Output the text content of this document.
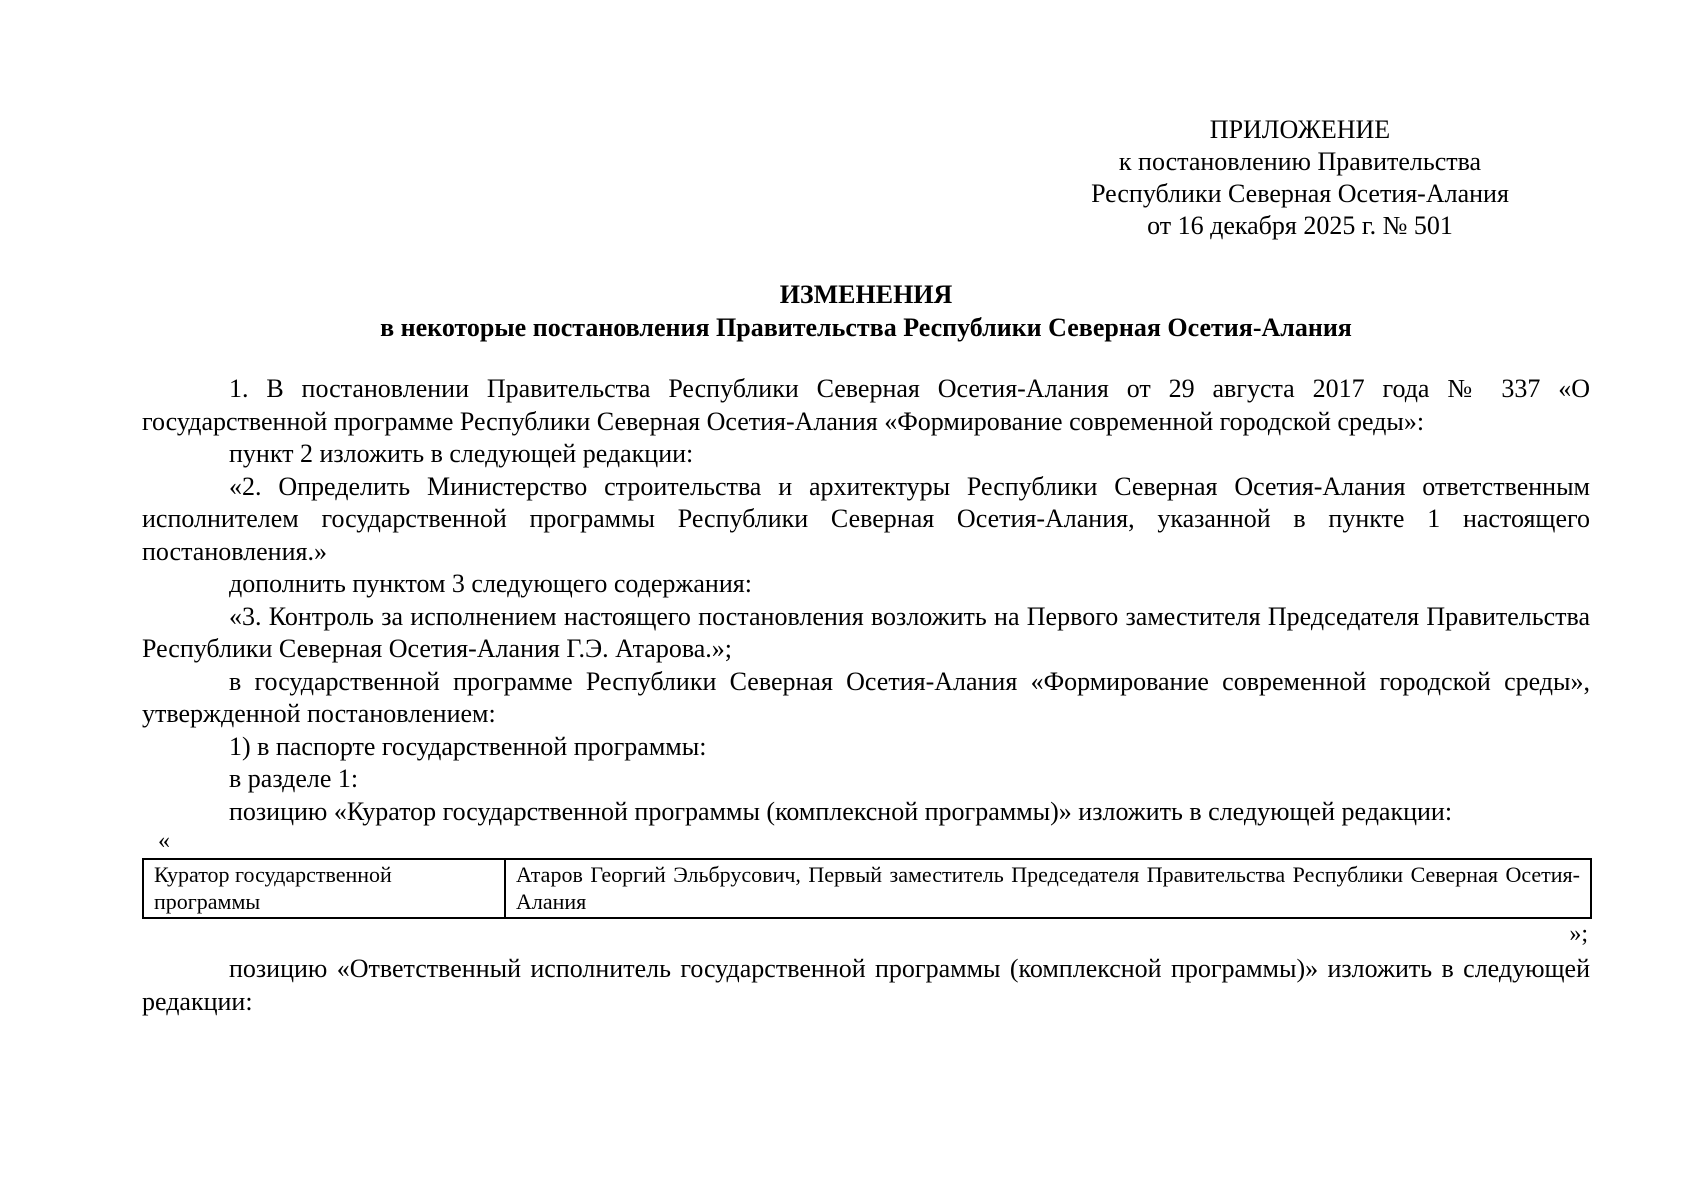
ПРИЛОЖЕНИЕ
к постановлению Правительства
Республики Северная Осетия-Алания
от 16 декабря 2025 г. № 501
ИЗМЕНЕНИЯ
в некоторые постановления Правительства Республики Северная Осетия-Алания

1. В постановлении Правительства Республики Северная Осетия-Алания от 29 августа 2017 года № 337 «О государственной программе Республики Северная Осетия-Алания «Формирование современной городской среды»:

пункт 2 изложить в следующей редакции:

«2. Определить Министерство строительства и архитектуры Республики Северная Осетия-Алания ответственным исполнителем государственной программы Республики Северная Осетия-Алания, указанной в пункте 1 настоящего постановления.»

дополнить пунктом 3 следующего содержания:

«3. Контроль за исполнением настоящего постановления возложить на Первого заместителя Председателя Правительства Республики Северная Осетия-Алания Г.Э. Атарова.»;

в государственной программе Республики Северная Осетия-Алания «Формирование современной городской среды», утвержденной постановлением:

1) в паспорте государственной программы:

в разделе 1:

позицию «Куратор государственной программы (комплексной программы)» изложить в следующей редакции:

«
Куратор государственной программы	Атаров Георгий Эльбрусович, Первый заместитель Председателя Правительства Республики Северная Осетия-Алания
»;

позицию «Ответственный исполнитель государственной программы (комплексной программы)» изложить в следующей редакции:
